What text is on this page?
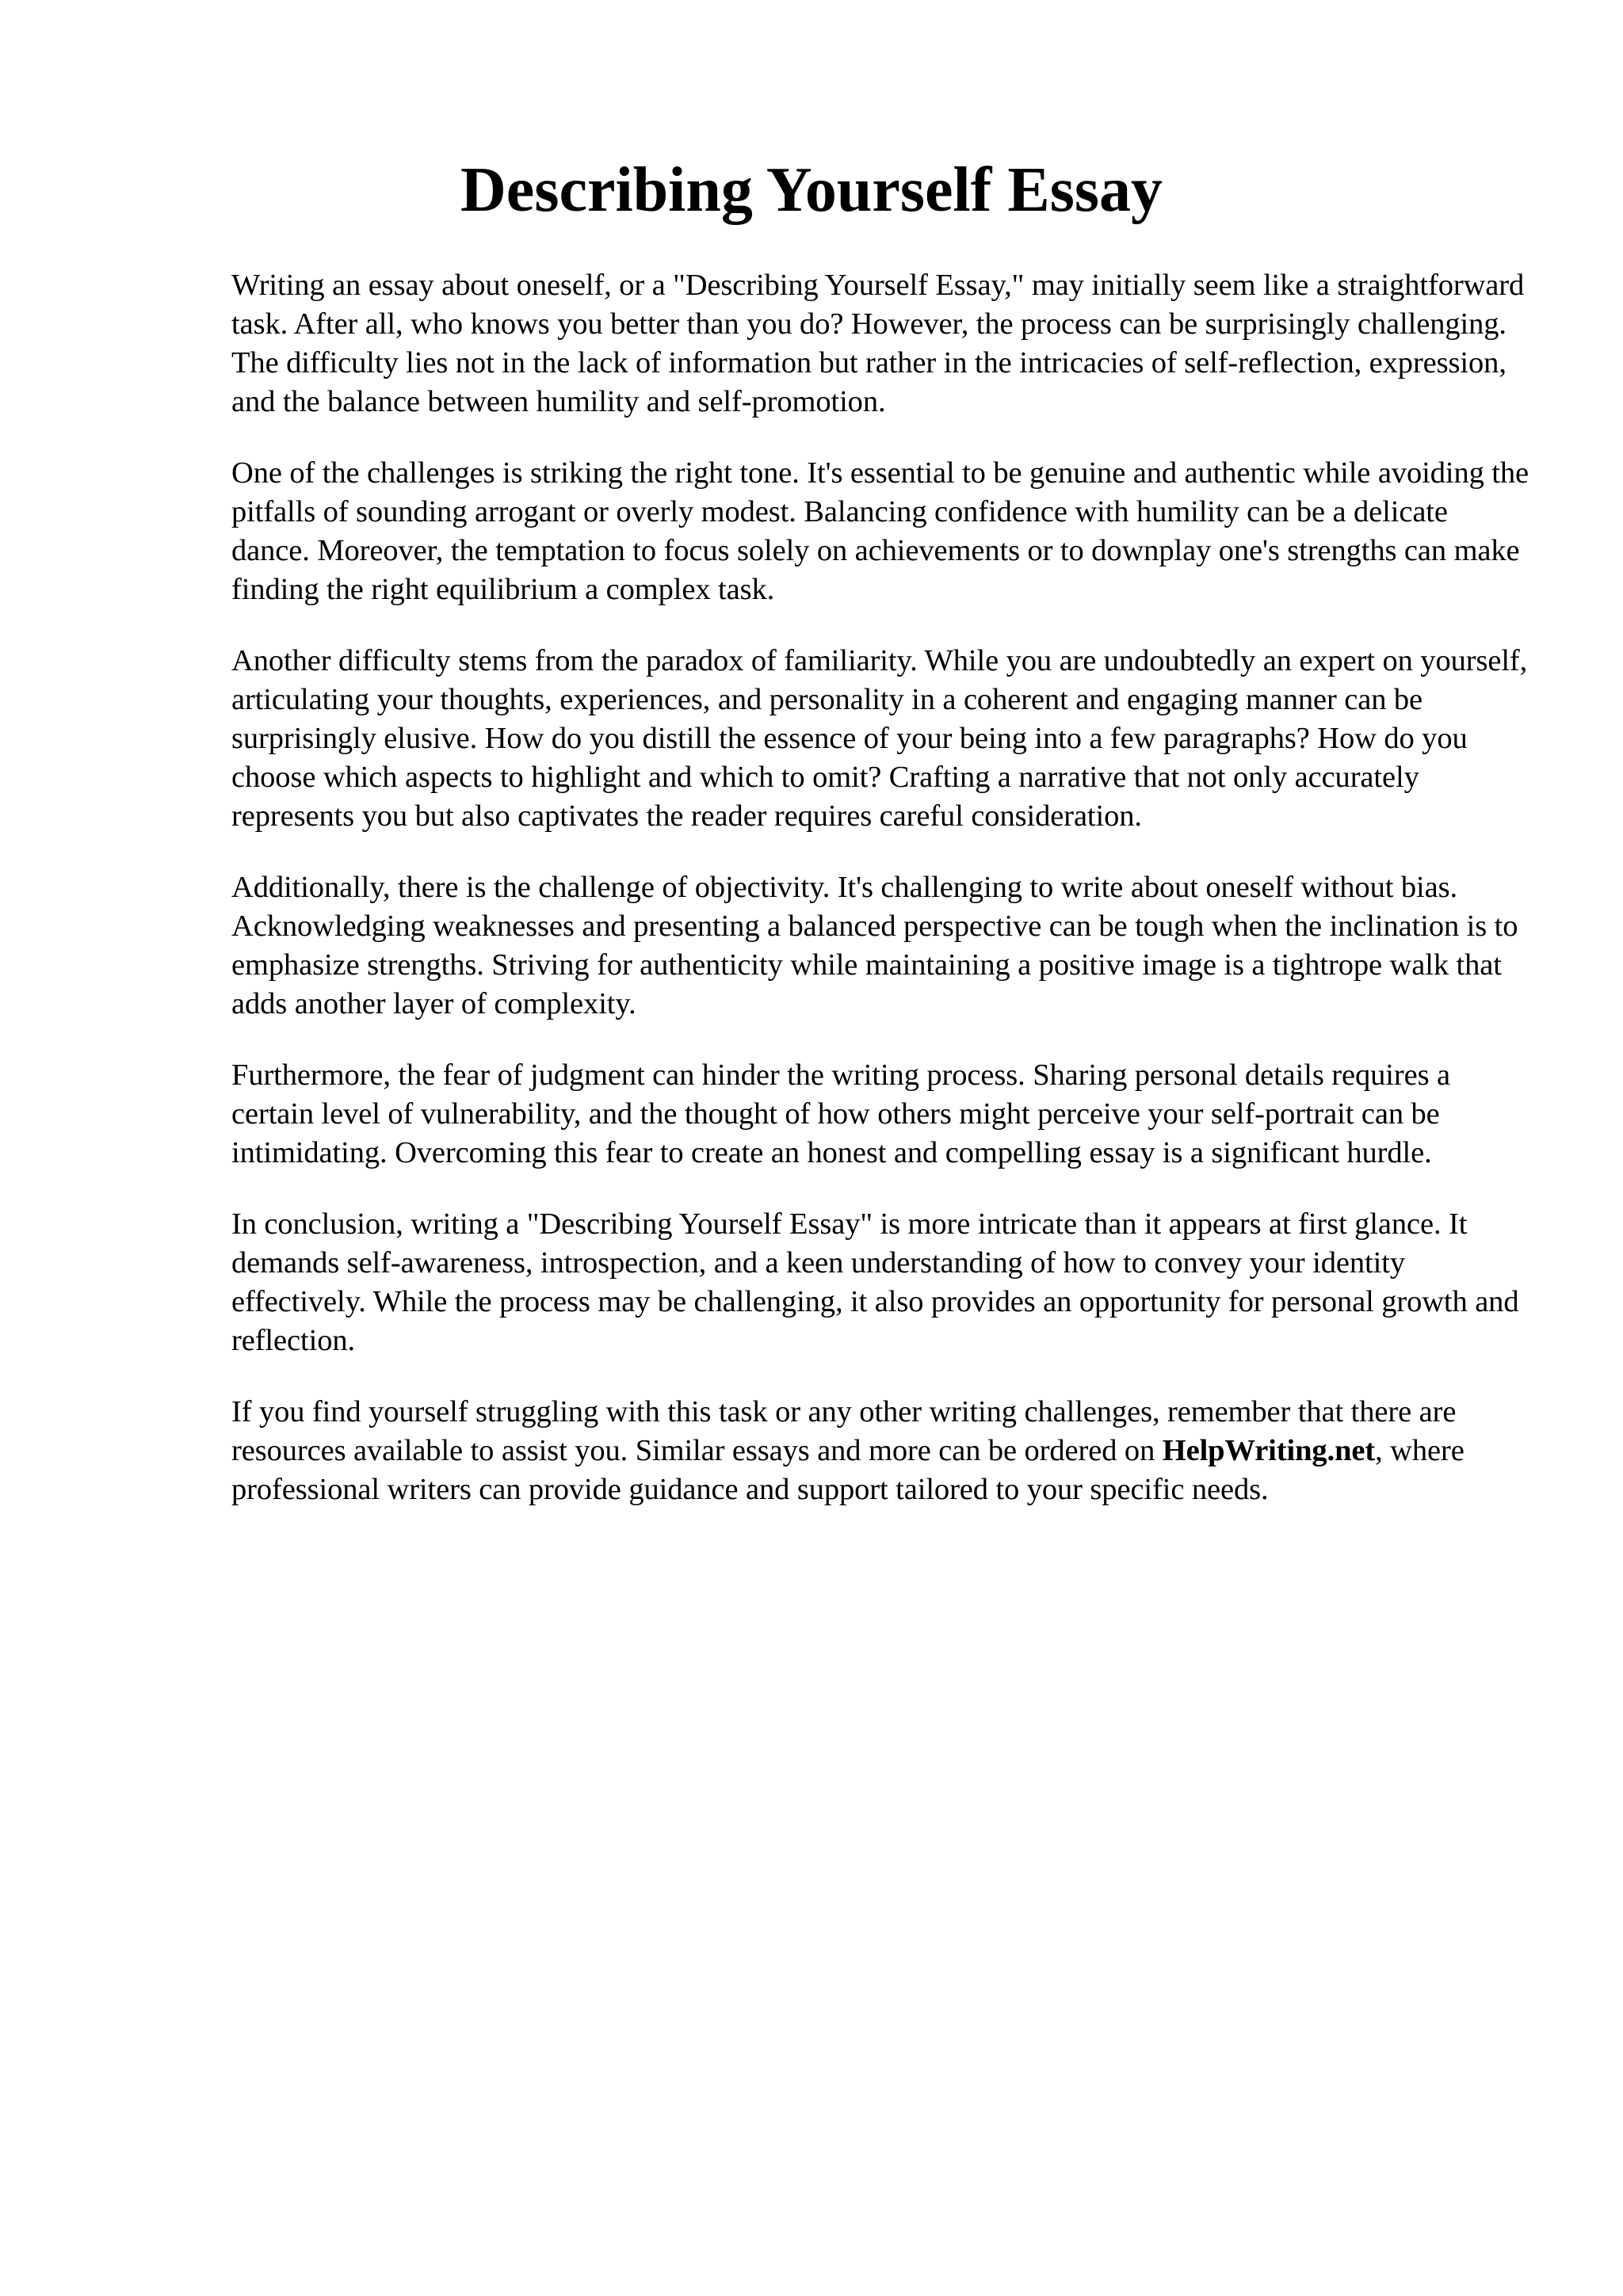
Describing Yourself Essay

Writing an essay about oneself, or a "Describing Yourself Essay," may initially seem like a straightforward task. After all, who knows you better than you do? However, the process can be surprisingly challenging. The difficulty lies not in the lack of information but rather in the intricacies of self-reflection, expression, and the balance between humility and self-promotion.

One of the challenges is striking the right tone. It's essential to be genuine and authentic while avoiding the pitfalls of sounding arrogant or overly modest. Balancing confidence with humility can be a delicate dance. Moreover, the temptation to focus solely on achievements or to downplay one's strengths can make finding the right equilibrium a complex task.

Another difficulty stems from the paradox of familiarity. While you are undoubtedly an expert on yourself, articulating your thoughts, experiences, and personality in a coherent and engaging manner can be surprisingly elusive. How do you distill the essence of your being into a few paragraphs? How do you choose which aspects to highlight and which to omit? Crafting a narrative that not only accurately represents you but also captivates the reader requires careful consideration.

Additionally, there is the challenge of objectivity. It's challenging to write about oneself without bias. Acknowledging weaknesses and presenting a balanced perspective can be tough when the inclination is to emphasize strengths. Striving for authenticity while maintaining a positive image is a tightrope walk that adds another layer of complexity.

Furthermore, the fear of judgment can hinder the writing process. Sharing personal details requires a certain level of vulnerability, and the thought of how others might perceive your self-portrait can be intimidating. Overcoming this fear to create an honest and compelling essay is a significant hurdle.

In conclusion, writing a "Describing Yourself Essay" is more intricate than it appears at first glance. It demands self-awareness, introspection, and a keen understanding of how to convey your identity effectively. While the process may be challenging, it also provides an opportunity for personal growth and reflection.

If you find yourself struggling with this task or any other writing challenges, remember that there are resources available to assist you. Similar essays and more can be ordered on HelpWriting.net, where professional writers can provide guidance and support tailored to your specific needs.
